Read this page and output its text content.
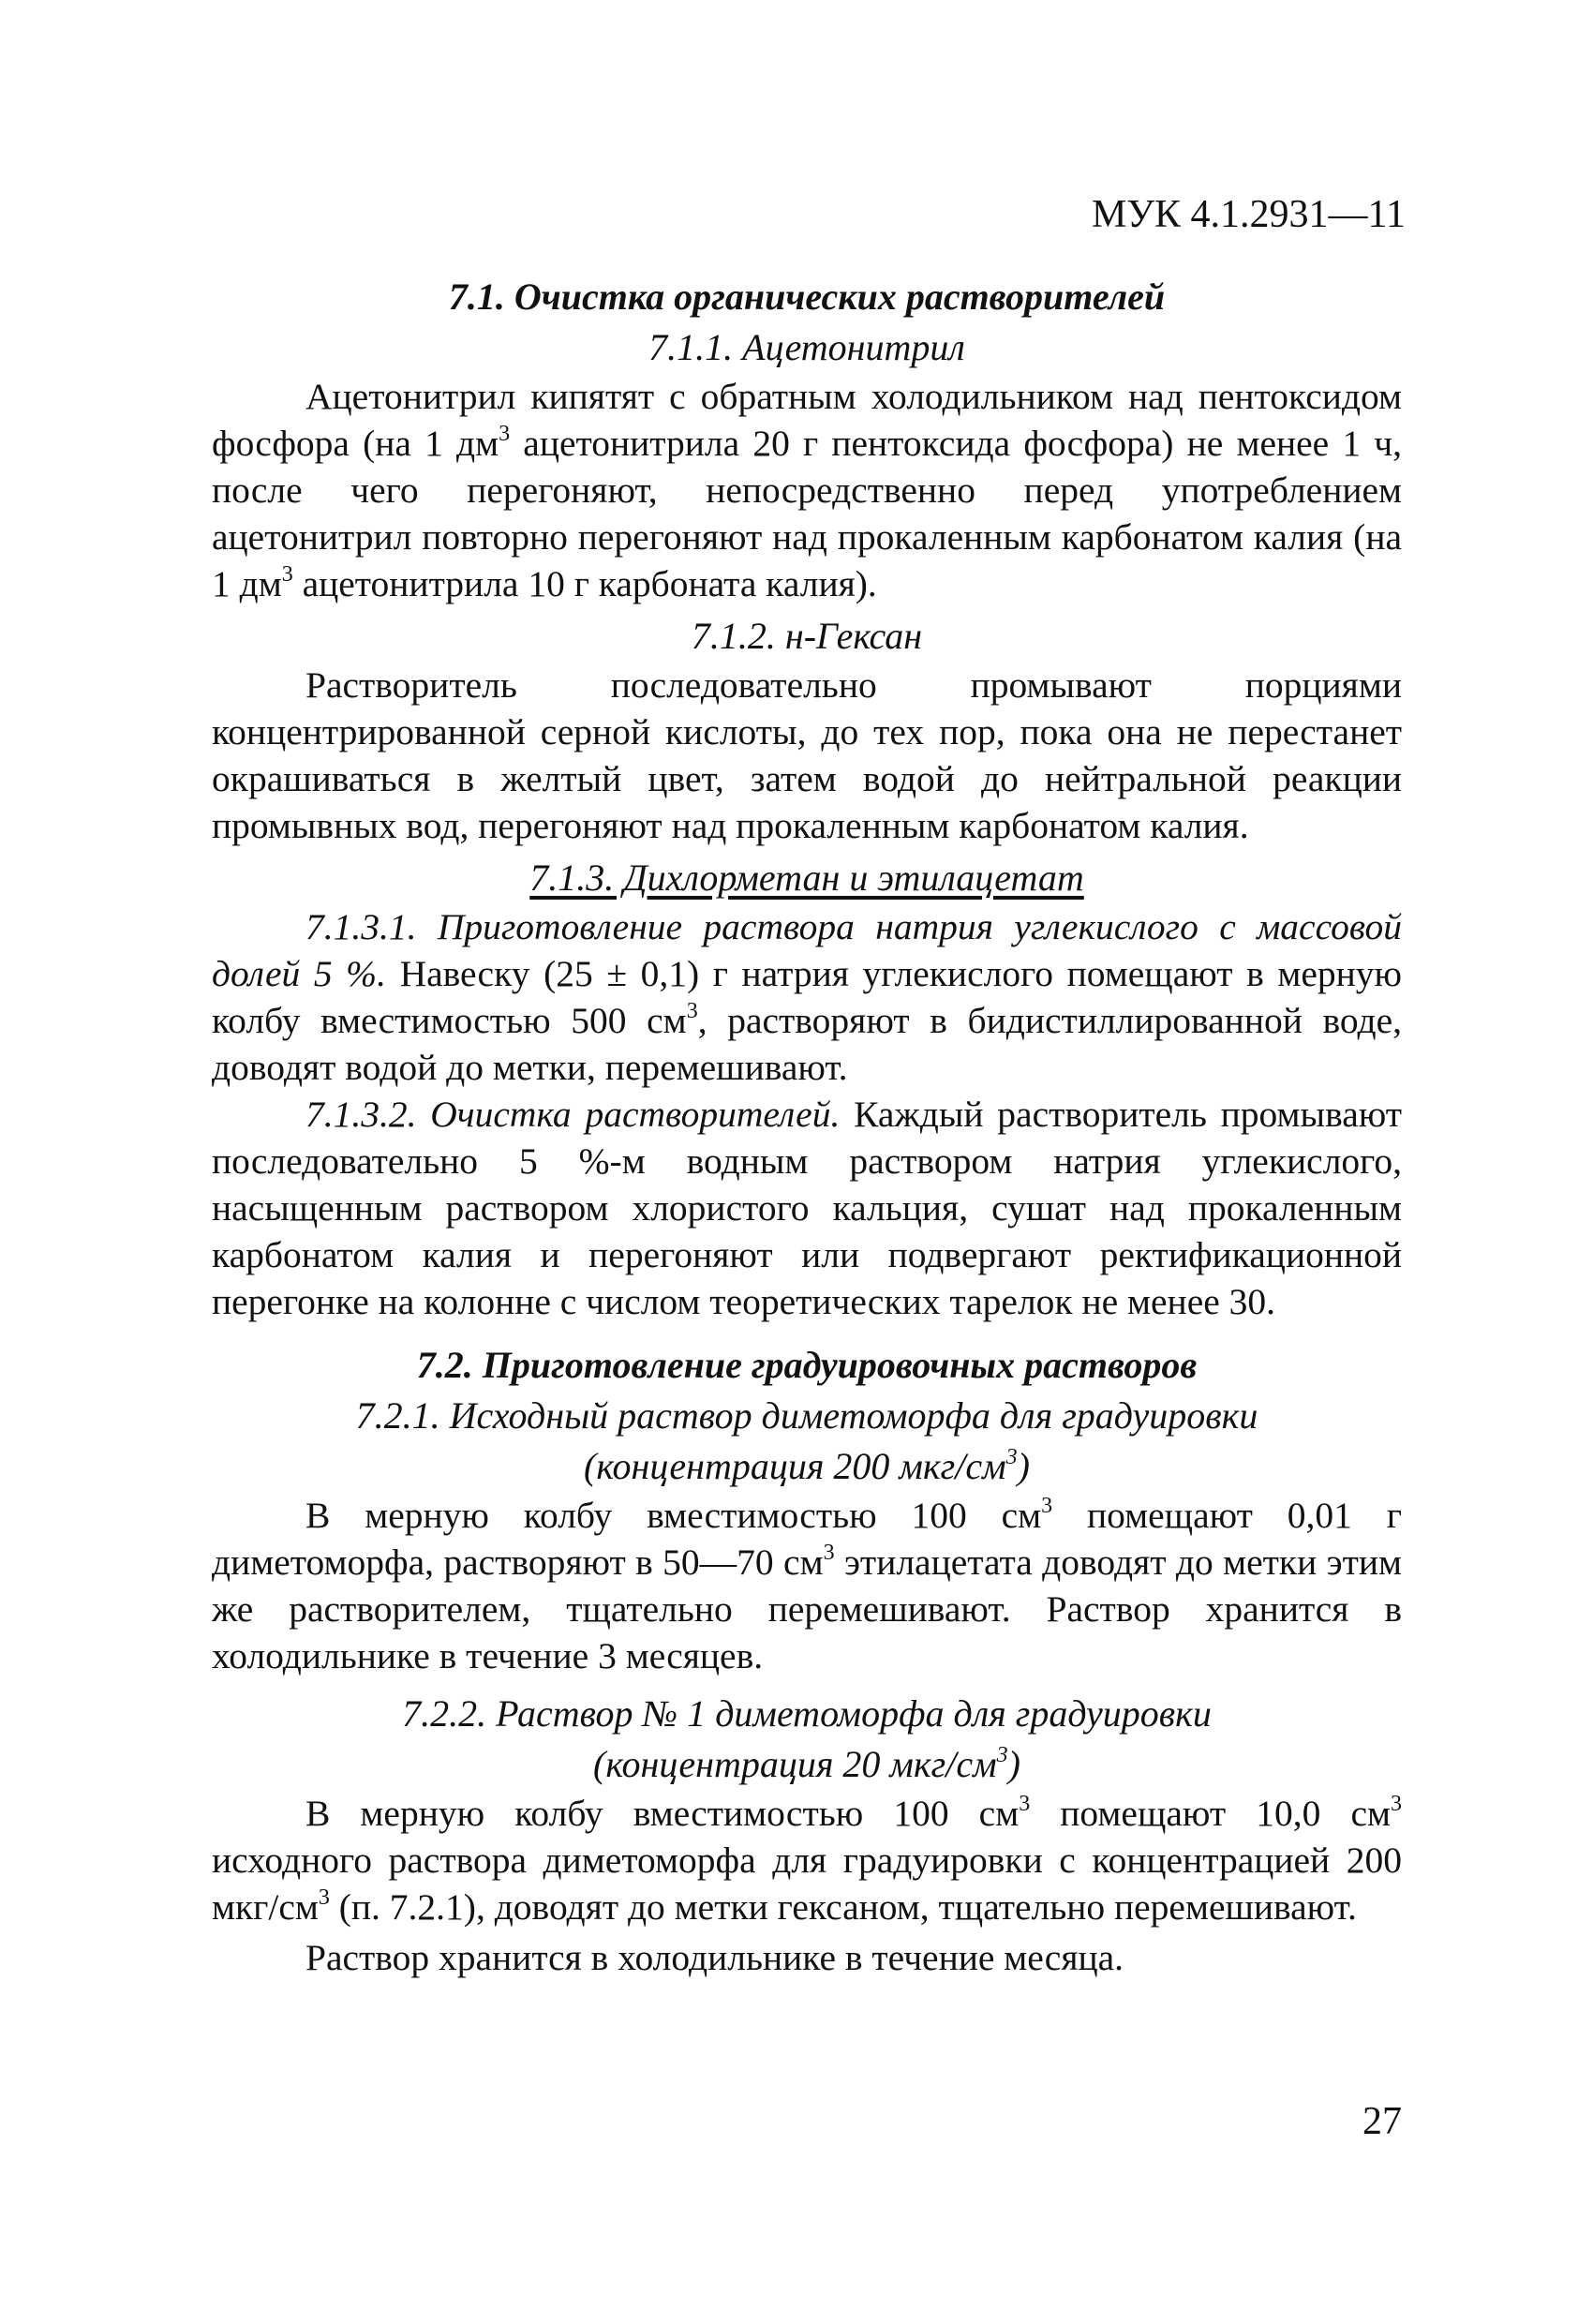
МУК 4.1.2931—11

7.1. Очистка органических растворителей

7.1.1. Ацетонитрил

Ацетонитрил кипятят с обратным холодильником над пентоксидом фосфора (на 1 $дм^3$ ацетонитрила 20 г пентоксида фосфора) не менее 1 ч, после чего перегоняют, непосредственно перед употреблением ацетонитрил повторно перегоняют над прокаленным карбонатом калия (на 1 $дм^3$ ацетонитрила 10 г карбоната калия).

7.1.2. н-Гексан

Растворитель последовательно промывают порциями концентрированной серной кислоты, до тех пор, пока она не перестанет окрашиваться в желтый цвет, затем водой до нейтральной реакции промывных вод, перегоняют над прокаленным карбонатом калия.

7.1.3. Дихлорметан и этилацетат

7.1.3.1. Приготовление раствора натрия углекислого с массовой долей 5 %. Навеску (25 ± 0,1) г натрия углекислого помещают в мерную колбу вместимостью 500 $см^3$, растворяют в бидистиллированной воде, доводят водой до метки, перемешивают.

7.1.3.2. Очистка растворителей. Каждый растворитель промывают последовательно 5 %-м водным раствором натрия углекислого, насыщенным раствором хлористого кальция, сушат над прокаленным карбонатом калия и перегоняют или подвергают ректификационной перегонке на колонне с числом теоретических тарелок не менее 30.

7.2. Приготовление градуировочных растворов

7.2.1. Исходный раствор диметоморфа для градуировки
(концентрация 200 мкг/$см^3$)

В мерную колбу вместимостью 100 $см^3$ помещают 0,01 г диметоморфа, растворяют в 50—70 $см^3$ этилацетата доводят до метки этим же растворителем, тщательно перемешивают. Раствор хранится в холодильнике в течение 3 месяцев.

7.2.2. Раствор № 1 диметоморфа для градуировки
(концентрация 20 мкг/$см^3$)

В мерную колбу вместимостью 100 $см^3$ помещают 10,0 $см^3$ исходного раствора диметоморфа для градуировки с концентрацией 200 мкг/$см^3$ (п. 7.2.1), доводят до метки гексаном, тщательно перемешивают.

Раствор хранится в холодильнике в течение месяца.

27
